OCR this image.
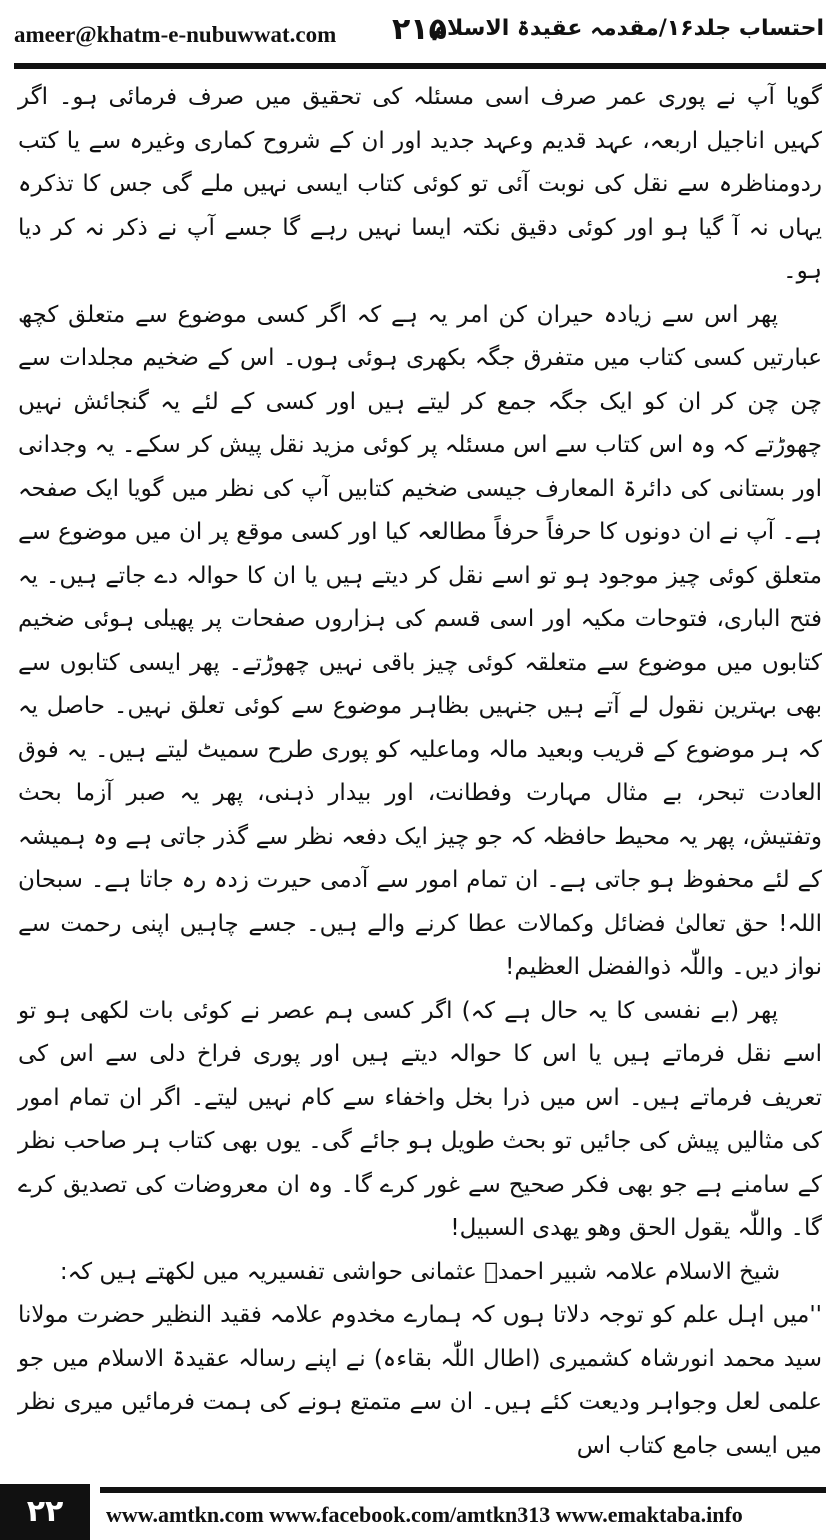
ameer@khatm-e-nubuwwat.com ۲۱۵
احتساب جلد۱۶/مقدمہ عقیدۃ الاسلام

گویا آپ نے پوری عمر صرف اسی مسئلہ کی تحقیق میں صرف فرمائی ہو۔ اگر کہیں اناجیل اربعہ، عہد قدیم وعہد جدید اور ان کے شروح کماری وغیرہ سے یا کتب ردومناظرہ سے نقل کی نوبت آئی تو کوئی کتاب ایسی نہیں ملے گی جس کا تذکرہ یہاں نہ آ گیا ہو اور کوئی دقیق نکتہ ایسا نہیں رہے گا جسے آپ نے ذکر نہ کر دیا ہو۔

پھر اس سے زیادہ حیران کن امر یہ ہے کہ اگر کسی موضوع سے متعلق کچھ عبارتیں کسی کتاب میں متفرق جگہ بکھری ہوئی ہوں۔ اس کے ضخیم مجلدات سے چن چن کر ان کو ایک جگہ جمع کر لیتے ہیں اور کسی کے لئے یہ گنجائش نہیں چھوڑتے کہ وہ اس کتاب سے اس مسئلہ پر کوئی مزید نقل پیش کر سکے۔ یہ وجدانی اور بستانی کی دائرۃ المعارف جیسی ضخیم کتابیں آپ کی نظر میں گویا ایک صفحہ ہے۔ آپ نے ان دونوں کا حرفاً حرفاً مطالعہ کیا اور کسی موقع پر ان میں موضوع سے متعلق کوئی چیز موجود ہو تو اسے نقل کر دیتے ہیں یا ان کا حوالہ دے جاتے ہیں۔ یہ فتح الباری، فتوحات مکیہ اور اسی قسم کی ہزاروں صفحات پر پھیلی ہوئی ضخیم کتابوں میں موضوع سے متعلقہ کوئی چیز باقی نہیں چھوڑتے۔ پھر ایسی کتابوں سے بھی بہترین نقول لے آتے ہیں جنہیں بظاہر موضوع سے کوئی تعلق نہیں۔ حاصل یہ کہ ہر موضوع کے قریب وبعید مالہ وماعلیہ کو پوری طرح سمیٹ لیتے ہیں۔ یہ فوق العادت تبحر، بے مثال مہارت وفطانت، اور بیدار ذہنی، پھر یہ صبر آزما بحث وتفتیش، پھر یہ محیط حافظہ کہ جو چیز ایک دفعہ نظر سے گذر جاتی ہے وہ ہمیشہ کے لئے محفوظ ہو جاتی ہے۔ ان تمام امور سے آدمی حیرت زدہ رہ جاتا ہے۔ سبحان اللہ! حق تعالیٰ فضائل وکمالات عطا کرنے والے ہیں۔ جسے چاہیں اپنی رحمت سے نواز دیں۔ واللّٰہ ذوالفضل العظیم!

پھر (بے نفسی کا یہ حال ہے کہ) اگر کسی ہم عصر نے کوئی بات لکھی ہو تو اسے نقل فرماتے ہیں یا اس کا حوالہ دیتے ہیں اور پوری فراخ دلی سے اس کی تعریف فرماتے ہیں۔ اس میں ذرا بخل واخفاء سے کام نہیں لیتے۔ اگر ان تمام امور کی مثالیں پیش کی جائیں تو بحث طویل ہو جائے گی۔ یوں بھی کتاب ہر صاحب نظر کے سامنے ہے جو بھی فکر صحیح سے غور کرے گا۔ وہ ان معروضات کی تصدیق کرے گا۔ واللّٰہ یقول الحق وھو یھدی السبیل!

شیخ الاسلام علامہ شبیر احمدؒ عثمانی حواشی تفسیریہ میں لکھتے ہیں کہ:

''میں اہل علم کو توجہ دلاتا ہوں کہ ہمارے مخدوم علامہ فقید النظیر حضرت مولانا سید محمد انورشاہ کشمیری (اطال اللّٰہ بقاءہ) نے اپنے رسالہ عقیدۃ الاسلام میں جو علمی لعل وجواہر ودیعت کئے ہیں۔ ان سے متمتع ہونے کی ہمت فرمائیں میری نظر میں ایسی جامع کتاب اس

۲۲	www.amtkn.com www.facebook.com/amtkn313 www.emaktaba.info
